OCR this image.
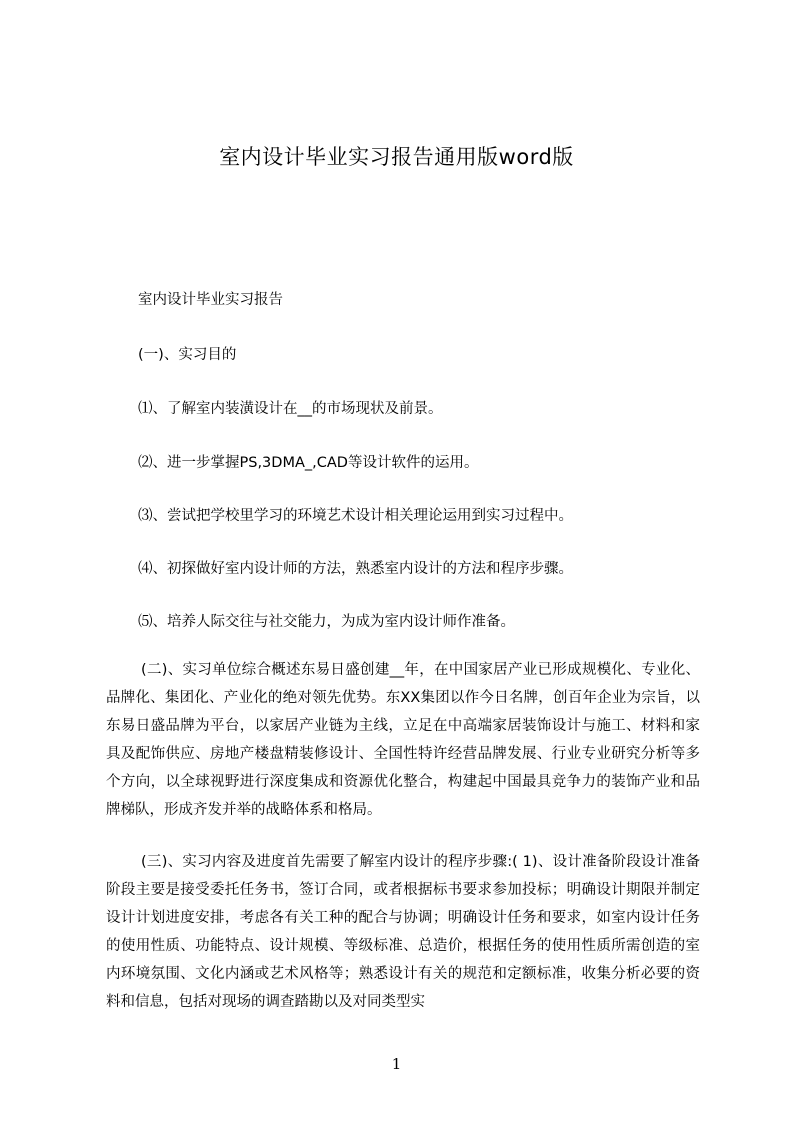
室内设计毕业实习报告通用版word版
室内设计毕业实习报告
(一)、实习目的
⑴、了解室内装潢设计在__的市场现状及前景。
⑵、进一步掌握PS,3DMA_,CAD等设计软件的运用。
⑶、尝试把学校里学习的环境艺术设计相关理论运用到实习过程中。
⑷、初探做好室内设计师的方法，熟悉室内设计的方法和程序步骤。
⑸、培养人际交往与社交能力，为成为室内设计师作准备。

(二)、实习单位综合概述东易日盛创建__年，在中国家居产业已形成规模化、专业化、品牌化、集团化、产业化的绝对领先优势。东XX集团以作今日名牌，创百年企业为宗旨，以东易日盛品牌为平台，以家居产业链为主线，立足在中高端家居装饰设计与施工、材料和家具及配饰供应、房地产楼盘精装修设计、全国性特许经营品牌发展、行业专业研究分析等多个方向，以全球视野进行深度集成和资源优化整合，构建起中国最具竞争力的装饰产业和品牌梯队，形成齐发并举的战略体系和格局。

(三)、实习内容及进度首先需要了解室内设计的程序步骤:( 1)、设计准备阶段设计准备阶段主要是接受委托任务书，签订合同，或者根据标书要求参加投标；明确设计期限并制定设计计划进度安排，考虑各有关工种的配合与协调；明确设计任务和要求，如室内设计任务的使用性质、功能特点、设计规模、等级标准、总造价，根据任务的使用性质所需创造的室内环境氛围、文化内涵或艺术风格等；熟悉设计有关的规范和定额标准，收集分析必要的资料和信息，包括对现场的调查踏勘以及对同类型实

1
